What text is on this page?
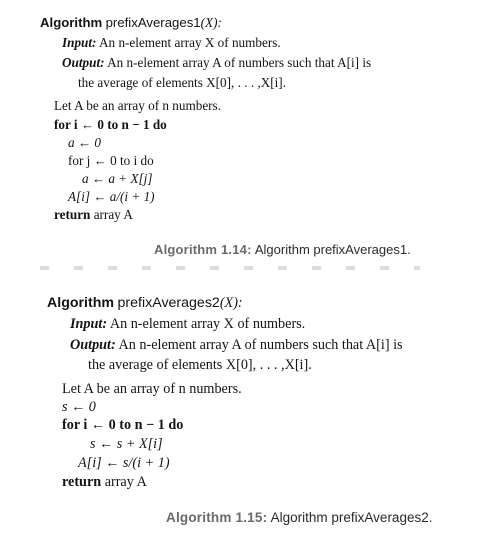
Algorithm prefixAverages1(X):
Input: An n-element array X of numbers.
Output: An n-element array A of numbers such that A[i] is
the average of elements X[0], . . . ,X[i].
Let A be an array of n numbers.
for i ← 0 to n − 1 do
a ← 0
for j ← 0 to i do
a ← a + X[j]
A[i] ← a/(i + 1)
return array A
Algorithm 1.14: Algorithm prefixAverages1.
Algorithm prefixAverages2(X):
Input: An n-element array X of numbers.
Output: An n-element array A of numbers such that A[i] is
the average of elements X[0], . . . ,X[i].
Let A be an array of n numbers.
s ← 0
for i ← 0 to n − 1 do
s ← s + X[i]
A[i] ← s/(i + 1)
return array A
Algorithm 1.15: Algorithm prefixAverages2.
